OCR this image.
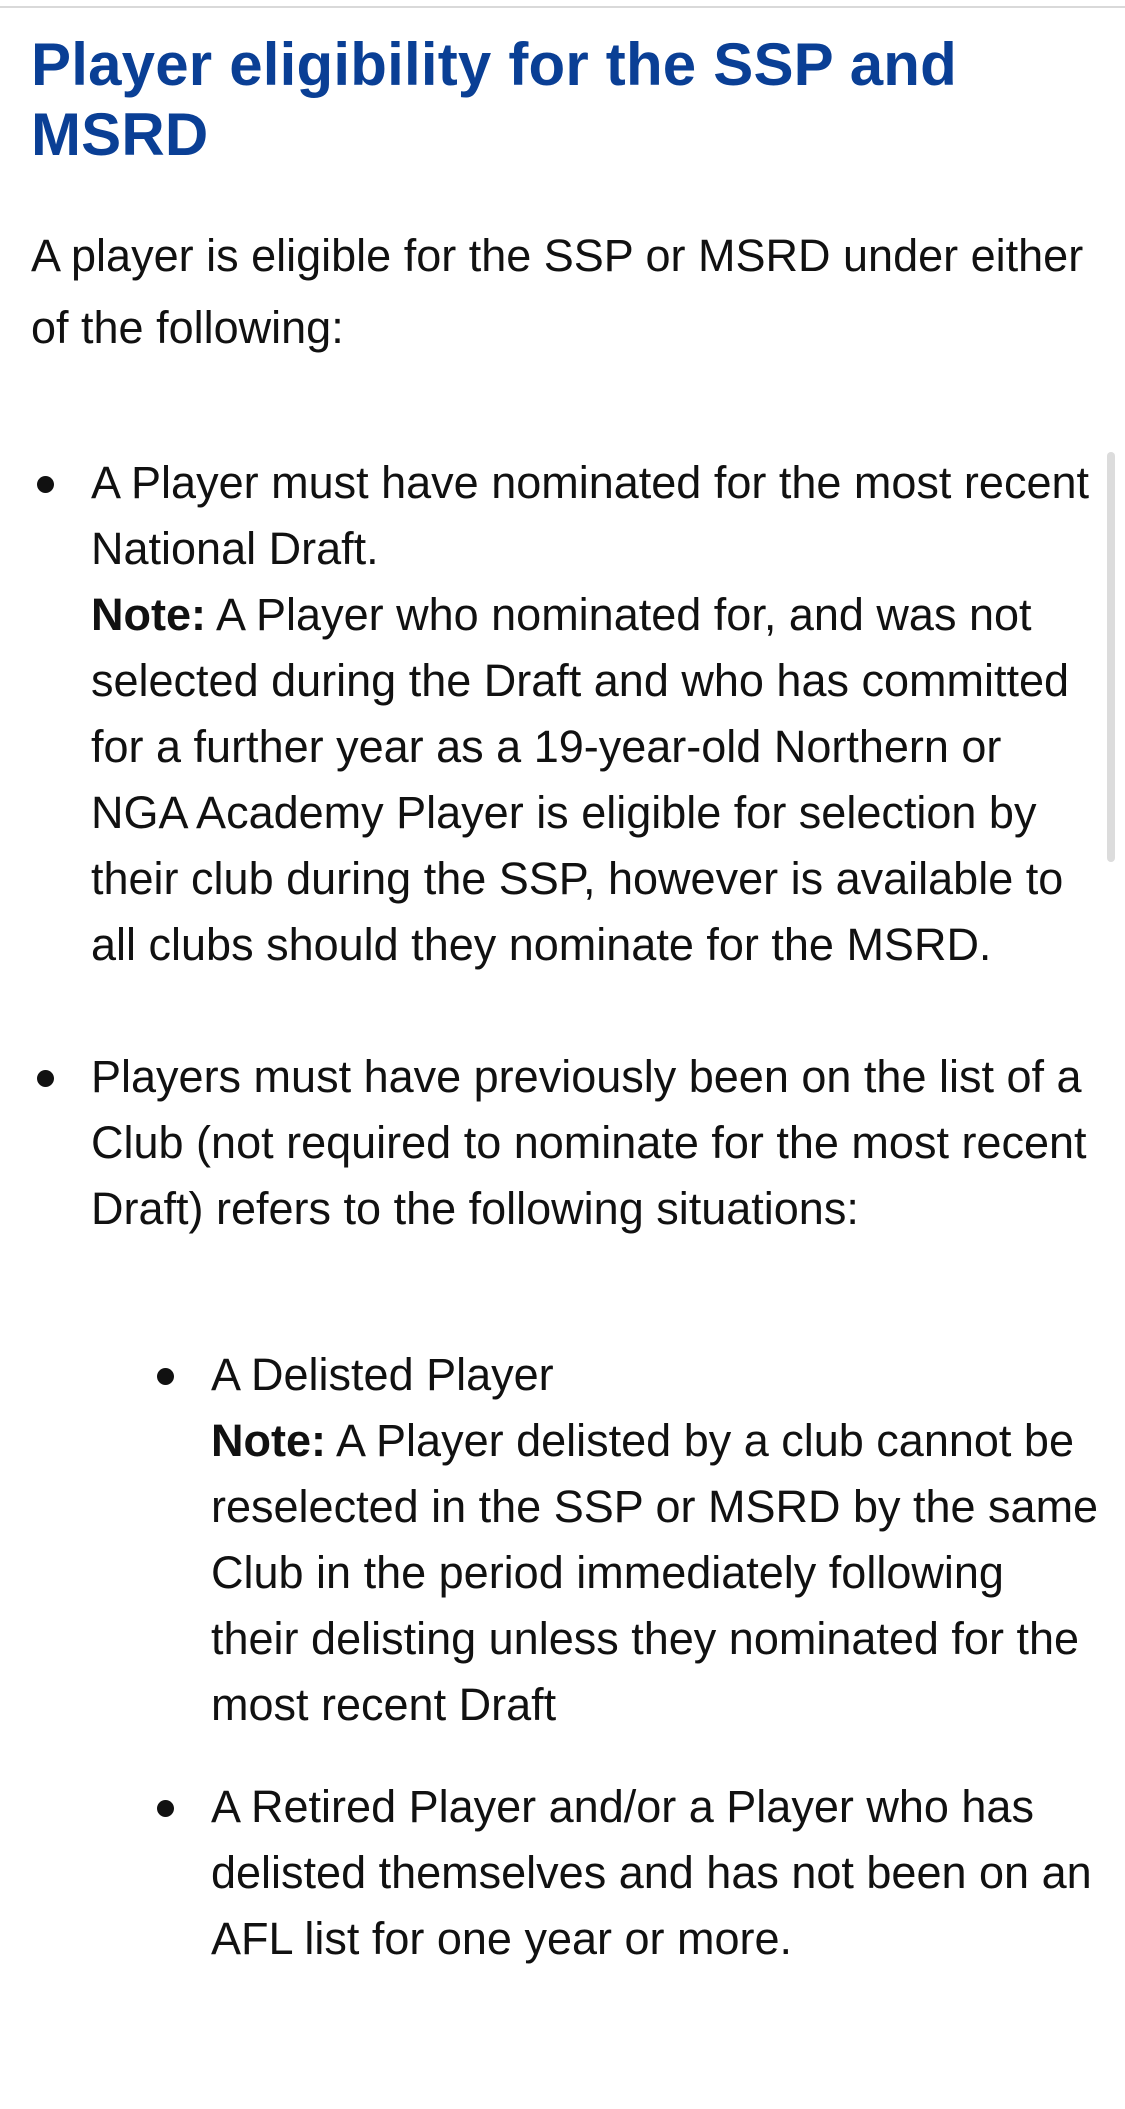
Player eligibility for the SSP and MSRD

A player is eligible for the SSP or MSRD under either of the following:

A Player must have nominated for the most recent National Draft.
Note: A Player who nominated for, and was not selected during the Draft and who has committed for a further year as a 19-year-old Northern or NGA Academy Player is eligible for selection by their club during the SSP, however is available to all clubs should they nominate for the MSRD.
Players must have previously been on the list of a Club (not required to nominate for the most recent Draft) refers to the following situations:
A Delisted Player
Note: A Player delisted by a club cannot be reselected in the SSP or MSRD by the same Club in the period immediately following their delisting unless they nominated for the most recent Draft
A Retired Player and/or a Player who has delisted themselves and has not been on an AFL list for one year or more.
